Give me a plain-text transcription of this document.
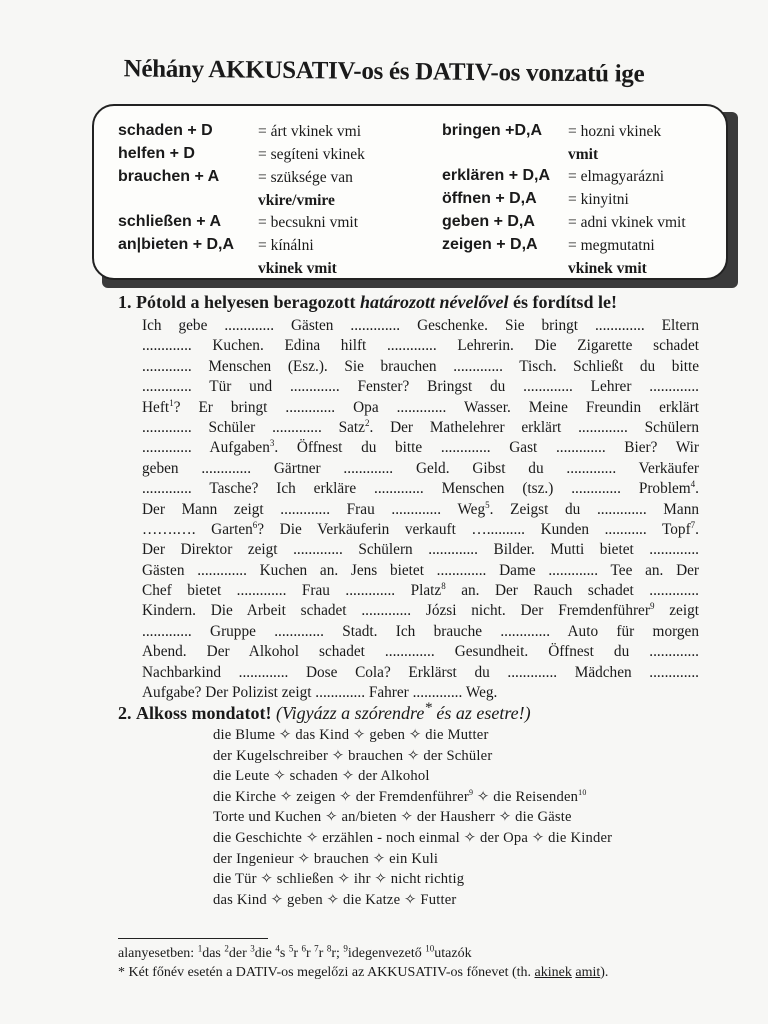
Néhány AKKUSATIV-os és DATIV-os vonzatú ige
schaden + D	= árt vkinek vmi
helfen + D	= segíteni vkinek
brauchen + A	= szüksége van
vkire/vmire
schließen + A = becsukni vmit
an|bieten + D,A = kínálni
vkinek vmit
bringen +D,A = hozni vkinek
vmit
erklären + D,A = elmagyarázni
öffnen + D,A = kinyitni
geben + D,A = adni vkinek vmit
zeigen + D,A = megmutatni
vkinek vmit
1. Pótold a helyesen beragozott határozott névelővel és fordítsd le!
Ich gebe ............. Gästen ............. Geschenke. Sie bringt ............. Eltern
............. Kuchen. Edina hilft ............. Lehrerin. Die Zigarette schadet
............. Menschen (Esz.). Sie brauchen ............. Tisch. Schließt du bitte
............. Tür und ............. Fenster? Bringst du ............. Lehrer .............
Heft$^1$? Er bringt ............. Opa ............. Wasser. Meine Freundin erklärt
............. Schüler ............. Satz$^2$. Der Mathelehrer erklärt ............. Schülern
............. Aufgaben$^3$. Öffnest du bitte ............. Gast ............. Bier? Wir
geben ............. Gärtner ............. Geld. Gibst du ............. Verkäufer
............. Tasche? Ich erkläre ............. Menschen (tsz.) ............. Problem$^4$.
Der Mann zeigt ............. Frau ............. Weg$^5$. Zeigst du ............. Mann
…….…. Garten$^6$? Die Verkäuferin verkauft ….......... Kunden ........... Topf$^7$.
Der Direktor zeigt ............. Schülern ............. Bilder. Mutti bietet .............
Gästen ............. Kuchen an. Jens bietet ............. Dame ............. Tee an. Der
Chef bietet ............. Frau ............. Platz$^8$ an. Der Rauch schadet .............
Kindern. Die Arbeit schadet ............. Józsi nicht. Der Fremdenführer$^9$ zeigt
............. Gruppe ............. Stadt. Ich brauche ............. Auto für morgen
Abend. Der Alkohol schadet ............. Gesundheit. Öffnest du .............
Nachbarkind ............. Dose Cola? Erklärst du ............. Mädchen .............
Aufgabe? Der Polizist zeigt ............. Fahrer ............. Weg.
2. Alkoss mondatot! (Vigyázz a szórendre* és az esetre!)
die Blume ✧ das Kind ✧ geben ✧ die Mutter
der Kugelschreiber ✧ brauchen ✧ der Schüler
die Leute ✧ schaden ✧ der Alkohol
die Kirche ✧ zeigen ✧ der Fremdenführer$^9$ ✧ die Reisenden$^{10}$
Torte und Kuchen ✧ an/bieten ✧ der Hausherr ✧ die Gäste
die Geschichte ✧ erzählen - noch einmal ✧ der Opa ✧ die Kinder
der Ingenieur ✧ brauchen ✧ ein Kuli
die Tür ✧ schließen ✧ ihr ✧ nicht richtig
das Kind ✧ geben ✧ die Katze ✧ Futter
alanyesetben: $^1$das $^2$der $^3$die $^4$s $^5$r $^6$r $^7$r $^8$r; $^9$idegenvezető $^{10}$utazók
* Két főnév esetén a DATIV-os megelőzi az AKKUSATIV-os főnevet (th. akinek amit).
